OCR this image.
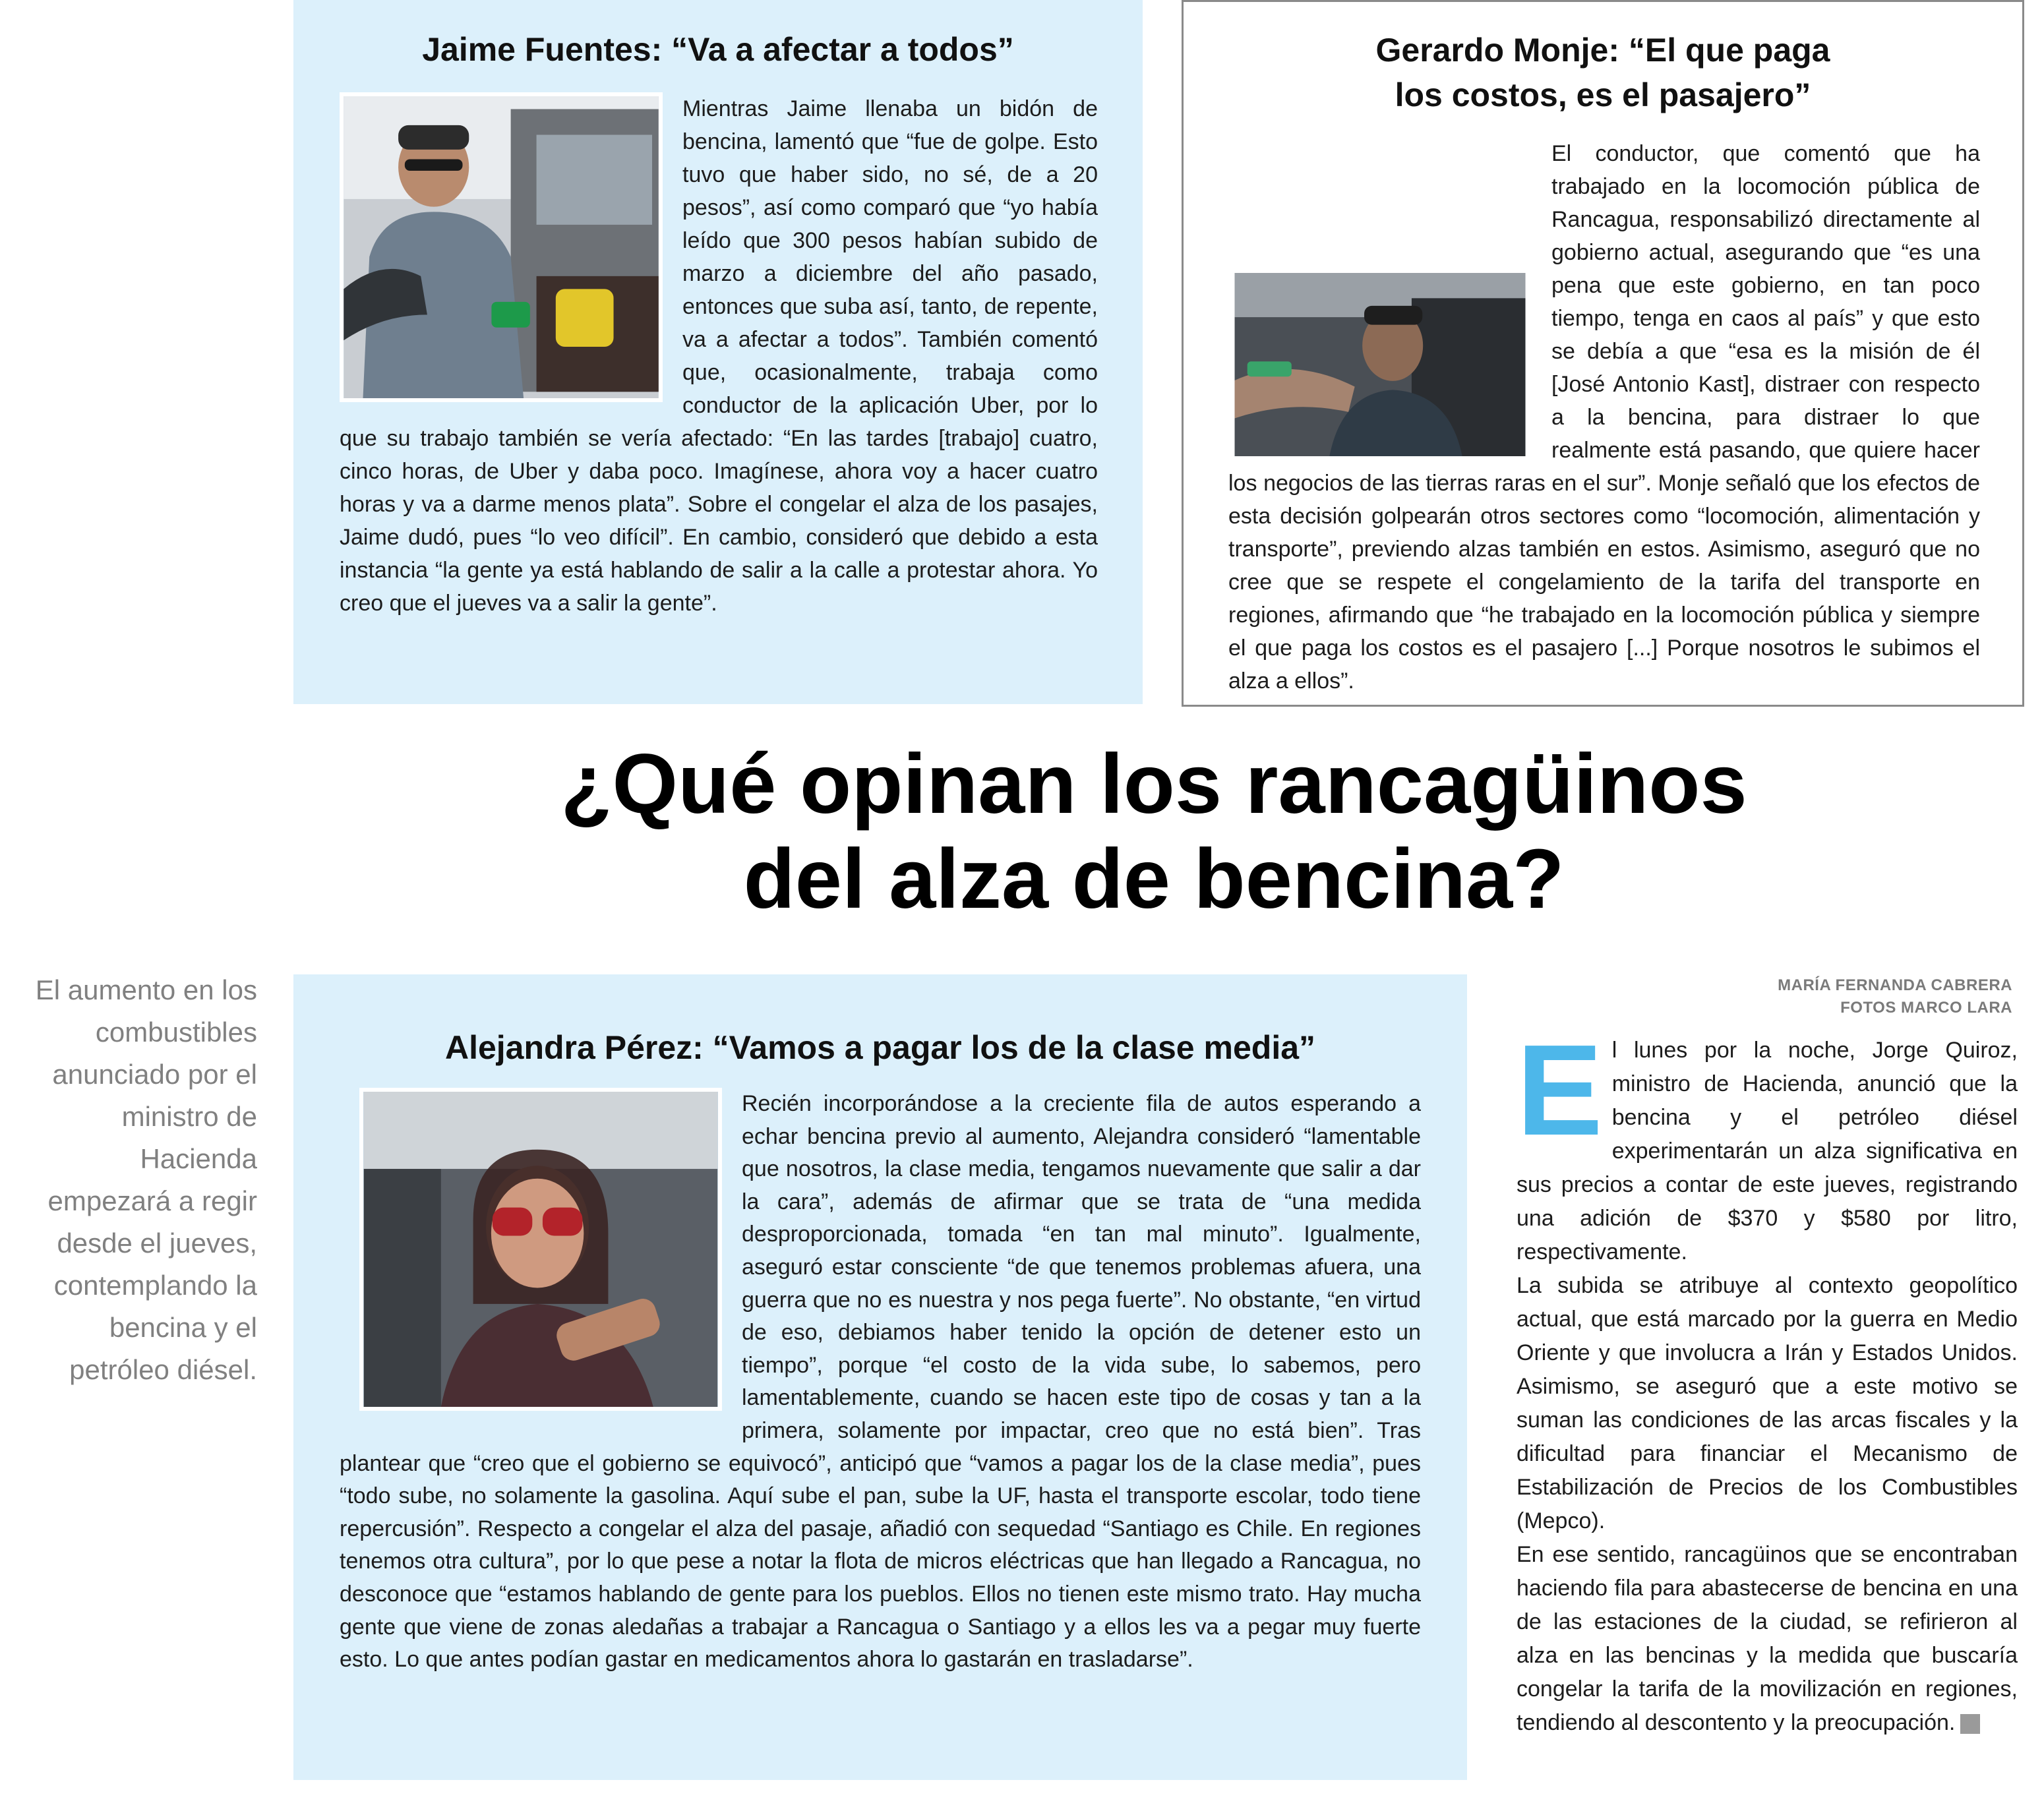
Jaime Fuentes: “Va a afectar a todos”
Mientras Jaime llenaba un bidón de bencina, lamentó que “fue de golpe. Esto tuvo que haber sido, no sé, de a 20 pesos”, así como comparó que “yo había leído que 300 pesos habían subido de marzo a diciembre del año pasado, entonces que suba así, tanto, de repente, va a afectar a todos”. También comentó que, ocasionalmente, trabaja como conductor de la aplicación Uber, por lo que su trabajo también se vería afectado: “En las tardes [trabajo] cuatro, cinco horas, de Uber y daba poco. Imagínese, ahora voy a hacer cuatro horas y va a darme menos plata”. Sobre el congelar el alza de los pasajes, Jaime dudó, pues “lo veo difícil”. En cambio, consideró que debido a esta instancia “la gente ya está hablando de salir a la calle a protestar ahora. Yo creo que el jueves va a salir la gente”.
Gerardo Monje: “El que paga
los costos, es el pasajero”
El conductor, que comentó que ha trabajado en la locomoción pública de Rancagua, responsabilizó directamente al gobierno actual, asegurando que “es una pena que este gobierno, en tan poco tiempo, tenga en caos al país” y que esto se debía a que “esa es la misión de él [José Antonio Kast], distraer con respecto a la bencina, para distraer lo que realmente está pasando, que quiere hacer los negocios de las tierras raras en el sur”. Monje señaló que los efectos de esta decisión golpearán otros sectores como “locomoción, alimentación y transporte”, previendo alzas también en estos. Asimismo, aseguró que no cree que se respete el congelamiento de la tarifa del transporte en regiones, afirmando que “he trabajado en la locomoción pública y siempre el que paga los costos es el pasajero [...] Porque nosotros le subimos el alza a ellos”.
¿Qué opinan los rancagüinos
del alza de bencina?
El aumento en los combustibles anunciado por el ministro de Hacienda empezará a regir desde el jueves, contemplando la bencina y el petróleo diésel.
Alejandra Pérez: “Vamos a pagar los de la clase media”
Recién incorporándose a la creciente fila de autos esperando a echar bencina previo al aumento, Alejandra consideró “lamentable que nosotros, la clase media, tengamos nuevamente que salir a dar la cara”, además de afirmar que se trata de “una medida desproporcionada, tomada “en tan mal minuto”. Igualmente, aseguró estar consciente “de que tenemos problemas afuera, una guerra que no es nuestra y nos pega fuerte”. No obstante, “en virtud de eso, debiamos haber tenido la opción de detener esto un tiempo”, porque “el costo de la vida sube, lo sabemos, pero lamentablemente, cuando se hacen este tipo de cosas y tan a la primera, solamente por impactar, creo que no está bien”. Tras plantear que “creo que el gobierno se equivocó”, anticipó que “vamos a pagar los de la clase media”, pues “todo sube, no solamente la gasolina. Aquí sube el pan, sube la UF, hasta el transporte escolar, todo tiene repercusión”. Respecto a congelar el alza del pasaje, añadió con sequedad “Santiago es Chile. En regiones tenemos otra cultura”, por lo que pese a notar la flota de micros eléctricas que han llegado a Rancagua, no desconoce que “estamos hablando de gente para los pueblos. Ellos no tienen este mismo trato. Hay mucha gente que viene de zonas aledañas a trabajar a Rancagua o Santiago y a ellos les va a pegar muy fuerte esto. Lo que antes podían gastar en medicamentos ahora lo gastarán en trasladarse”.
MARÍA FERNANDA CABRERA
FOTOS MARCO LARA
E l lunes por la noche, Jorge Quiroz, ministro de Hacienda, anunció que la bencina y el petróleo diésel experimentarán un alza significativa en sus precios a contar de este jueves, registrando una adición de $370 y $580 por litro, respectivamente.

La subida se atribuye al contexto geopolítico actual, que está marcado por la guerra en Medio Oriente y que involucra a Irán y Estados Unidos. Asimismo, se aseguró que a este motivo se suman las condiciones de las arcas fiscales y la dificultad para financiar el Mecanismo de Estabilización de Precios de los Combustibles (Mepco).

En ese sentido, rancagüinos que se encontraban haciendo fila para abastecerse de bencina en una de las estaciones de la ciudad, se refirieron al alza en las bencinas y la medida que buscaría congelar la tarifa de la movilización en regiones, tendiendo al descontento y la preocupación.
